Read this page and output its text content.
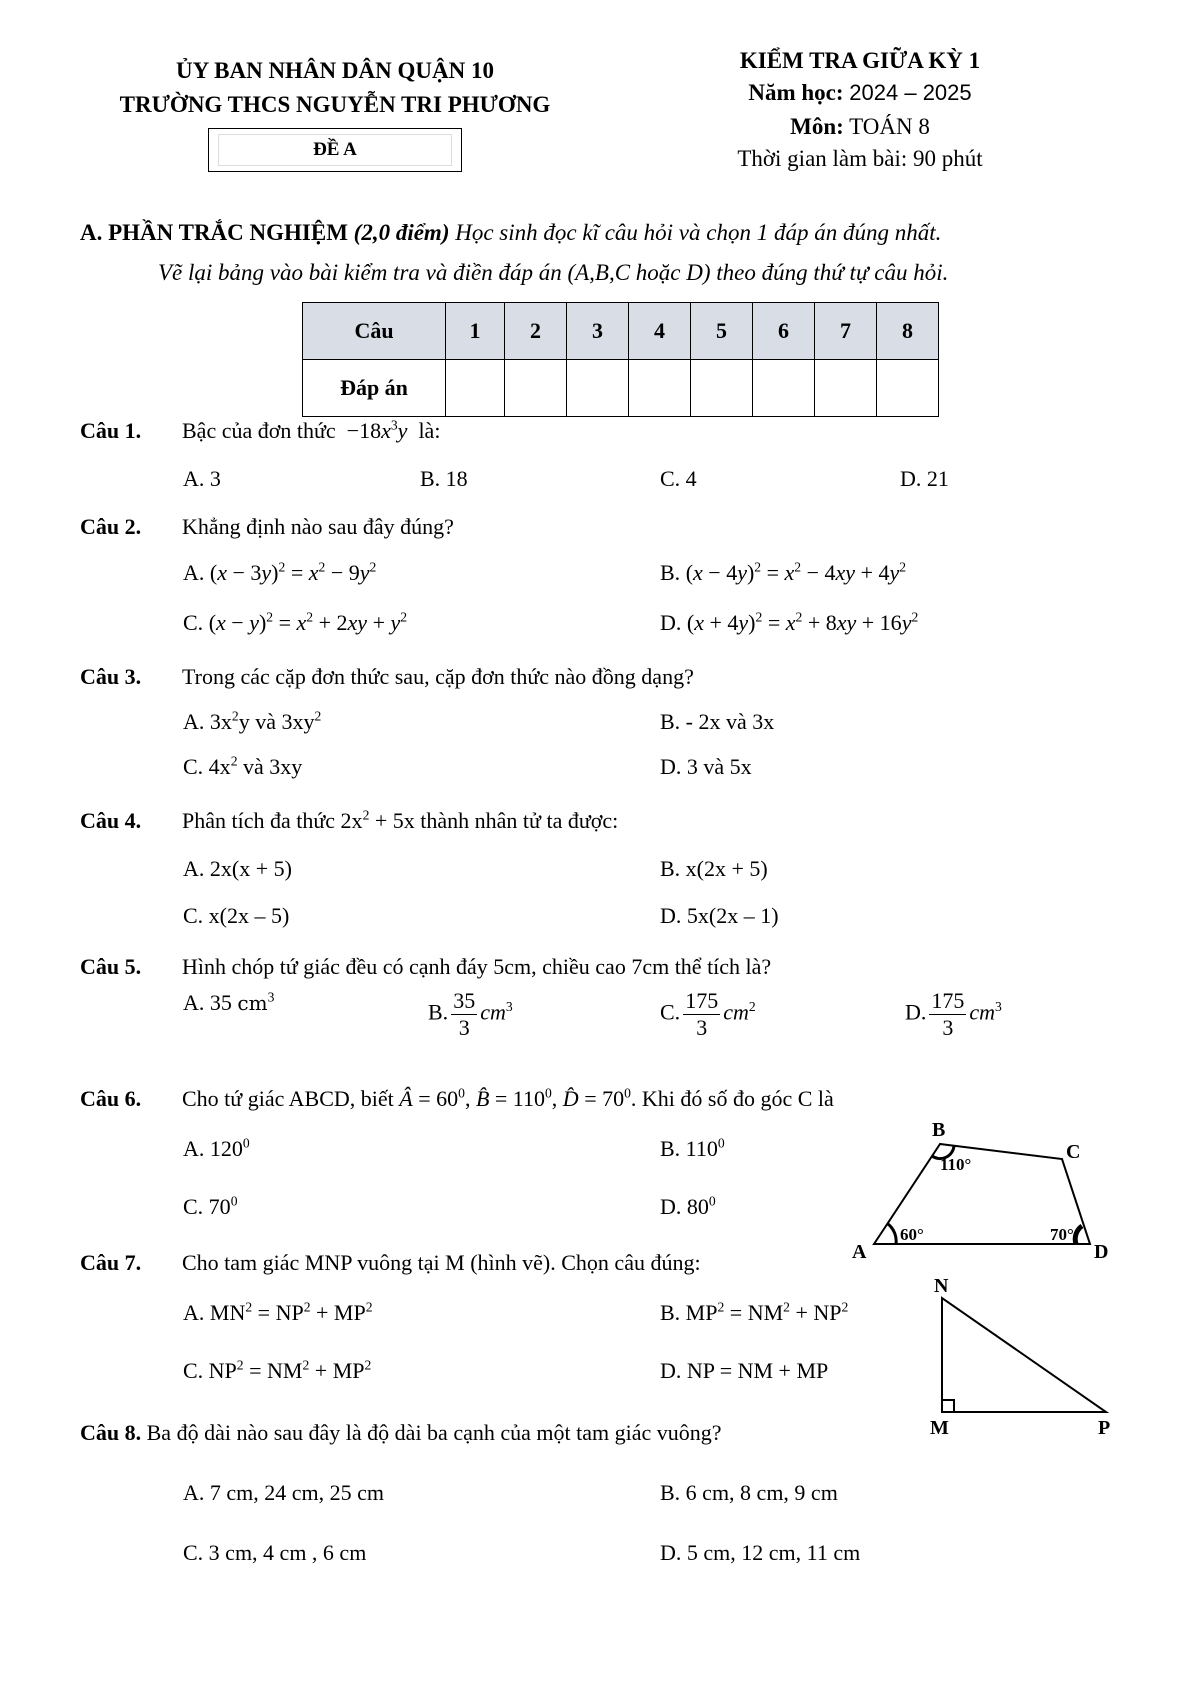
ỦY BAN NHÂN DÂN QUẬN 10
TRƯỜNG THCS NGUYỄN TRI PHƯƠNG
ĐỀ A
KIỂM TRA GIỮA KỲ 1
Năm học: 2024 – 2025
Môn: TOÁN 8
Thời gian làm bài: 90 phút
A. PHẦN TRẮC NGHIỆM (2,0 điểm) Học sinh đọc kĩ câu hỏi và chọn 1 đáp án đúng nhất.
Vẽ lại bảng vào bài kiểm tra và điền đáp án (A,B,C hoặc D) theo đúng thứ tự câu hỏi.
Câu	1	2	3	4	5	6	7	8
Đáp án								
Câu 1. Bậc của đơn thức  $-18x^3y$ là:
A. 3	B. 18	C. 4	D. 21
Câu 2. Khẳng định nào sau đây đúng?
A. $(x - 3y)^2 = x^2 - 9y^2$	B. $(x - 4y)^2 = x^2 - 4xy + 4y^2$
C. $(x - y)^2 = x^2 + 2xy + y^2$	D. $(x + 4y)^2 = x^2 + 8xy + 16y^2$
Câu 3. Trong các cặp đơn thức sau, cặp đơn thức nào đồng dạng?
A. $3x^2y$ và $3xy^2$	B. - 2x và 3x
C. $4x^2$ và 3xy	D. 3 và 5x
Câu 4. Phân tích đa thức $2x^2 + 5x$ thành nhân tử ta được:
A. 2x(x + 5)	B. x(2x + 5)
C. x(2x – 5)	D. 5x(2x – 1)
Câu 5. Hình chóp tứ giác đều có cạnh đáy 5cm, chiều cao 7cm thể tích là?
A. 35 $cm^3$
B. $\frac{35}{3} cm^3$	C. $\frac{175}{3} cm^2$	D. $\frac{175}{3} cm^3$
Câu 6. Cho tứ giác ABCD, biết Â = $60^0$, B̂ = $110^0$, D̂ = $70^0$. Khi đó số đo góc C là
A. $120^0$	B. $110^0$
C. $70^0$	D. $80^0$
B
C
A	D
110°
60°	70°
Câu 7. Cho tam giác MNP vuông tại M (hình vẽ). Chọn câu đúng:
A. $MN^2 = NP^2 + MP^2$	B. $MP^2 = NM^2 + NP^2$
C. $NP^2 = NM^2 + MP^2$	D. NP = NM + MP
N
M	P
Câu 8. Ba độ dài nào sau đây là độ dài ba cạnh của một tam giác vuông?
A. 7 cm, 24 cm, 25 cm	B. 6 cm, 8 cm, 9 cm
C. 3 cm, 4 cm , 6 cm	D. 5 cm, 12 cm, 11 cm
